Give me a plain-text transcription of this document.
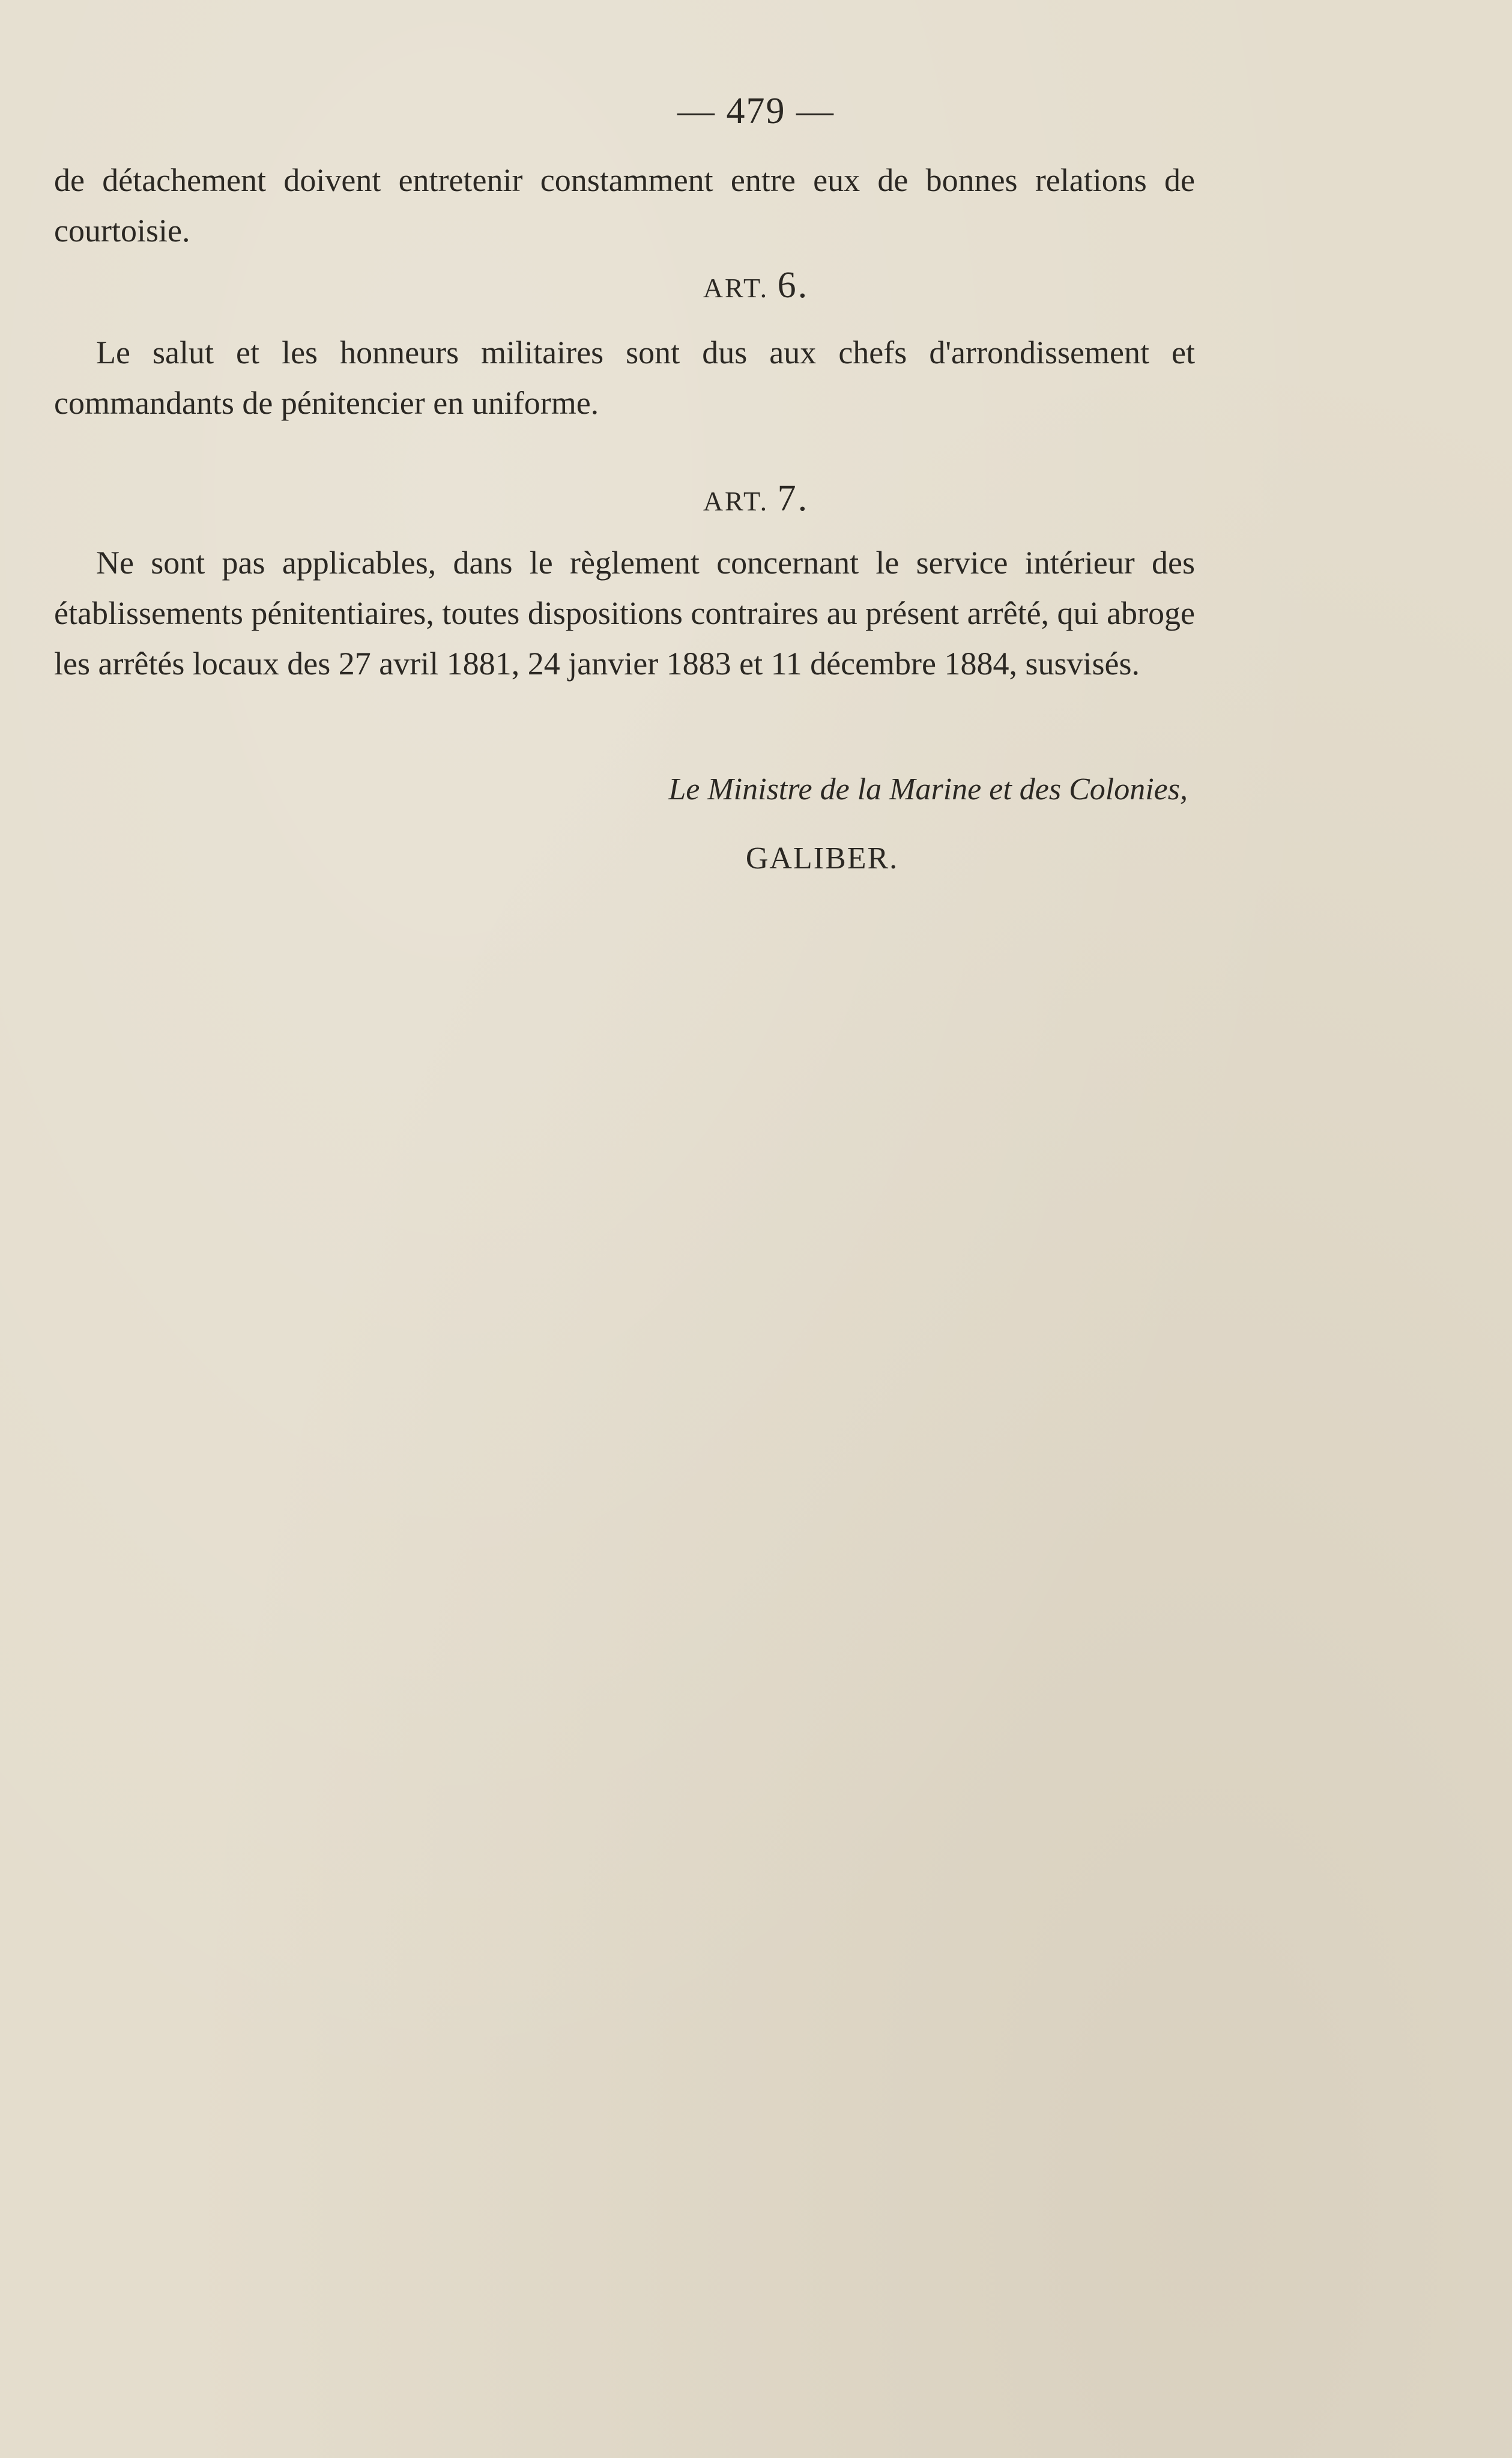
— 479 —
de détachement doivent entretenir constamment entre eux de bonnes relations de courtoisie.
ART. 6.
Le salut et les honneurs militaires sont dus aux chefs d'arrondissement et commandants de pénitencier en uniforme.
ART. 7.
Ne sont pas applicables, dans le règlement concernant le service intérieur des établissements pénitentiaires, toutes dispositions contraires au présent arrêté, qui abroge les arrêtés locaux des 27 avril 1881, 24 janvier 1883 et 11 décembre 1884, susvisés.
Le Ministre de la Marine et des Colonies,
GALIBER.
